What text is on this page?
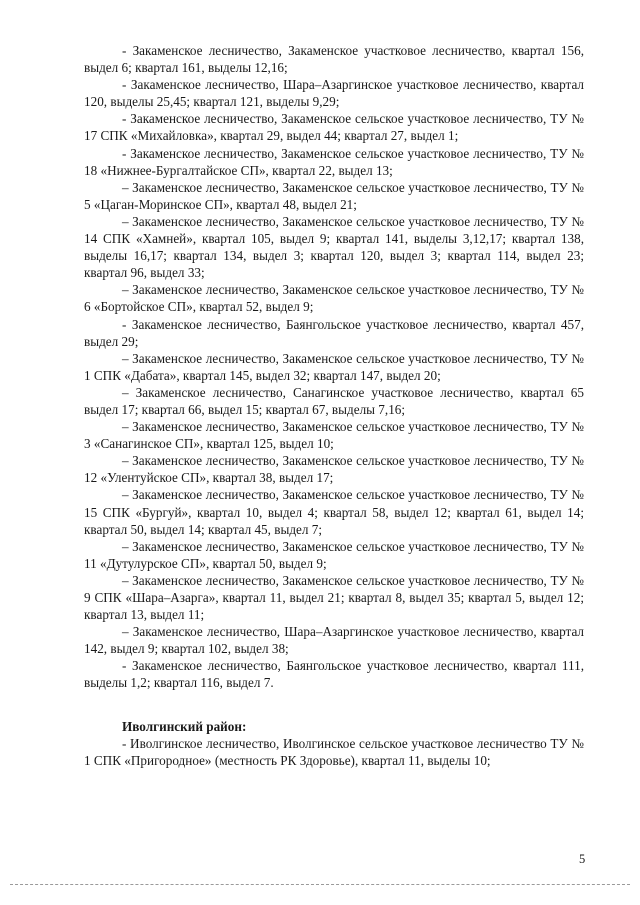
- Закаменское лесничество, Закаменское участковое лесничество, квартал 156, выдел 6; квартал 161, выделы 12,16;

- Закаменское лесничество, Шара–Азаргинское участковое лесничество, квартал 120, выделы 25,45; квартал 121, выделы 9,29;

- Закаменское лесничество, Закаменское сельское участковое лесничество, ТУ № 17 СПК «Михайловка», квартал 29, выдел 44; квартал 27, выдел 1;

- Закаменское лесничество, Закаменское сельское участковое лесничество, ТУ № 18 «Нижнее-Бургалтайское СП», квартал 22, выдел 13;

– Закаменское лесничество, Закаменское сельское участковое лесничество, ТУ № 5 «Цаган-Моринское СП», квартал 48, выдел 21;

– Закаменское лесничество, Закаменское сельское участковое лесничество, ТУ № 14 СПК «Хамней», квартал 105, выдел 9; квартал 141, выделы 3,12,17; квартал 138, выделы 16,17; квартал 134, выдел 3; квартал 120, выдел 3; квартал 114, выдел 23; квартал 96, выдел 33;

– Закаменское лесничество, Закаменское сельское участковое лесничество, ТУ № 6 «Бортойское СП», квартал 52, выдел 9;

- Закаменское лесничество, Баянгольское участковое лесничество, квартал 457, выдел 29;

– Закаменское лесничество, Закаменское сельское участковое лесничество, ТУ № 1 СПК «Дабата», квартал 145, выдел 32; квартал 147, выдел 20;

– Закаменское лесничество, Санагинское участковое лесничество, квартал 65 выдел 17; квартал 66, выдел 15; квартал 67, выделы 7,16;

– Закаменское лесничество, Закаменское сельское участковое лесничество, ТУ № 3 «Санагинское СП», квартал 125, выдел 10;

– Закаменское лесничество, Закаменское сельское участковое лесничество, ТУ № 12 «Улентуйское СП», квартал 38, выдел 17;

– Закаменское лесничество, Закаменское сельское участковое лесничество, ТУ № 15 СПК «Бургуй», квартал 10, выдел 4; квартал 58, выдел 12; квартал 61, выдел 14; квартал 50, выдел 14; квартал 45, выдел 7;

– Закаменское лесничество, Закаменское сельское участковое лесничество, ТУ № 11 «Дутулурское СП», квартал 50, выдел 9;

– Закаменское лесничество, Закаменское сельское участковое лесничество, ТУ № 9 СПК «Шара–Азарга», квартал 11, выдел 21; квартал 8, выдел 35; квартал 5, выдел 12; квартал 13, выдел 11;

– Закаменское лесничество, Шара–Азаргинское участковое лесничество, квартал 142, выдел 9; квартал 102, выдел 38;

- Закаменское лесничество, Баянгольское участковое лесничество, квартал 111, выделы 1,2; квартал 116, выдел 7.

Иволгинский район:

- Иволгинское лесничество, Иволгинское сельское участковое лесничество ТУ № 1 СПК «Пригородное» (местность РК Здоровье), квартал 11, выделы 10;

5
